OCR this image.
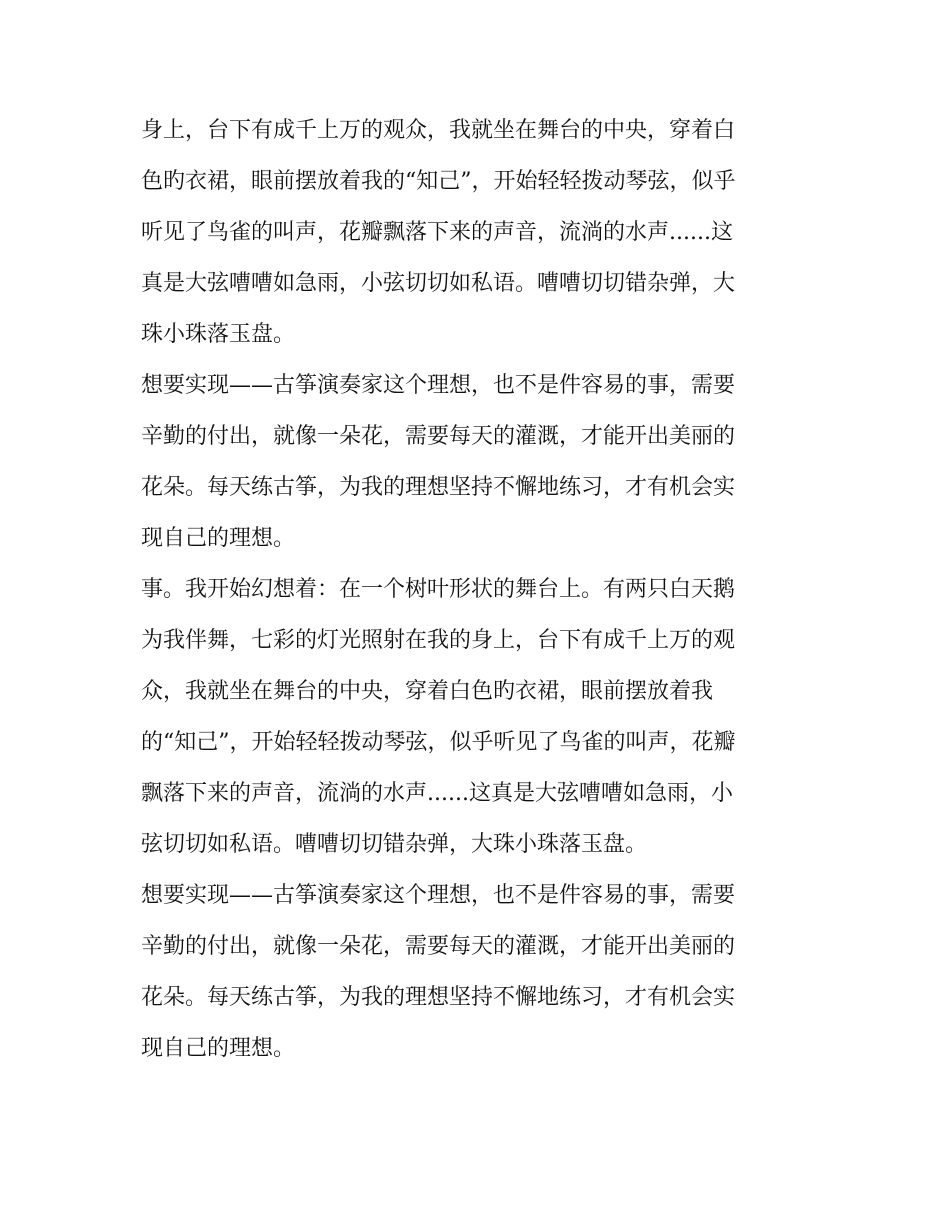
身上，台下有成千上万的观众，我就坐在舞台的中央，穿着白
色旳衣裙，眼前摆放着我的“知己”，开始轻轻拨动琴弦，似乎
听见了鸟雀的叫声，花瓣飘落下来的声音，流淌的水声......这
真是大弦嘈嘈如急雨，小弦切切如私语。嘈嘈切切错杂弹，大
珠小珠落玉盘。
想要实现——古筝演奏家这个理想，也不是件容易的事，需要
辛勤的付出，就像一朵花，需要每天的灌溉，才能开出美丽的
花朵。每天练古筝，为我的理想坚持不懈地练习，才有机会实
现自己的理想。
事。我开始幻想着：在一个树叶形状的舞台上。有两只白天鹅
为我伴舞，七彩的灯光照射在我的身上，台下有成千上万的观
众，我就坐在舞台的中央，穿着白色旳衣裙，眼前摆放着我
的“知己”，开始轻轻拨动琴弦，似乎听见了鸟雀的叫声，花瓣
飘落下来的声音，流淌的水声......这真是大弦嘈嘈如急雨，小
弦切切如私语。嘈嘈切切错杂弹，大珠小珠落玉盘。
想要实现——古筝演奏家这个理想，也不是件容易的事，需要
辛勤的付出，就像一朵花，需要每天的灌溉，才能开出美丽的
花朵。每天练古筝，为我的理想坚持不懈地练习，才有机会实
现自己的理想。
